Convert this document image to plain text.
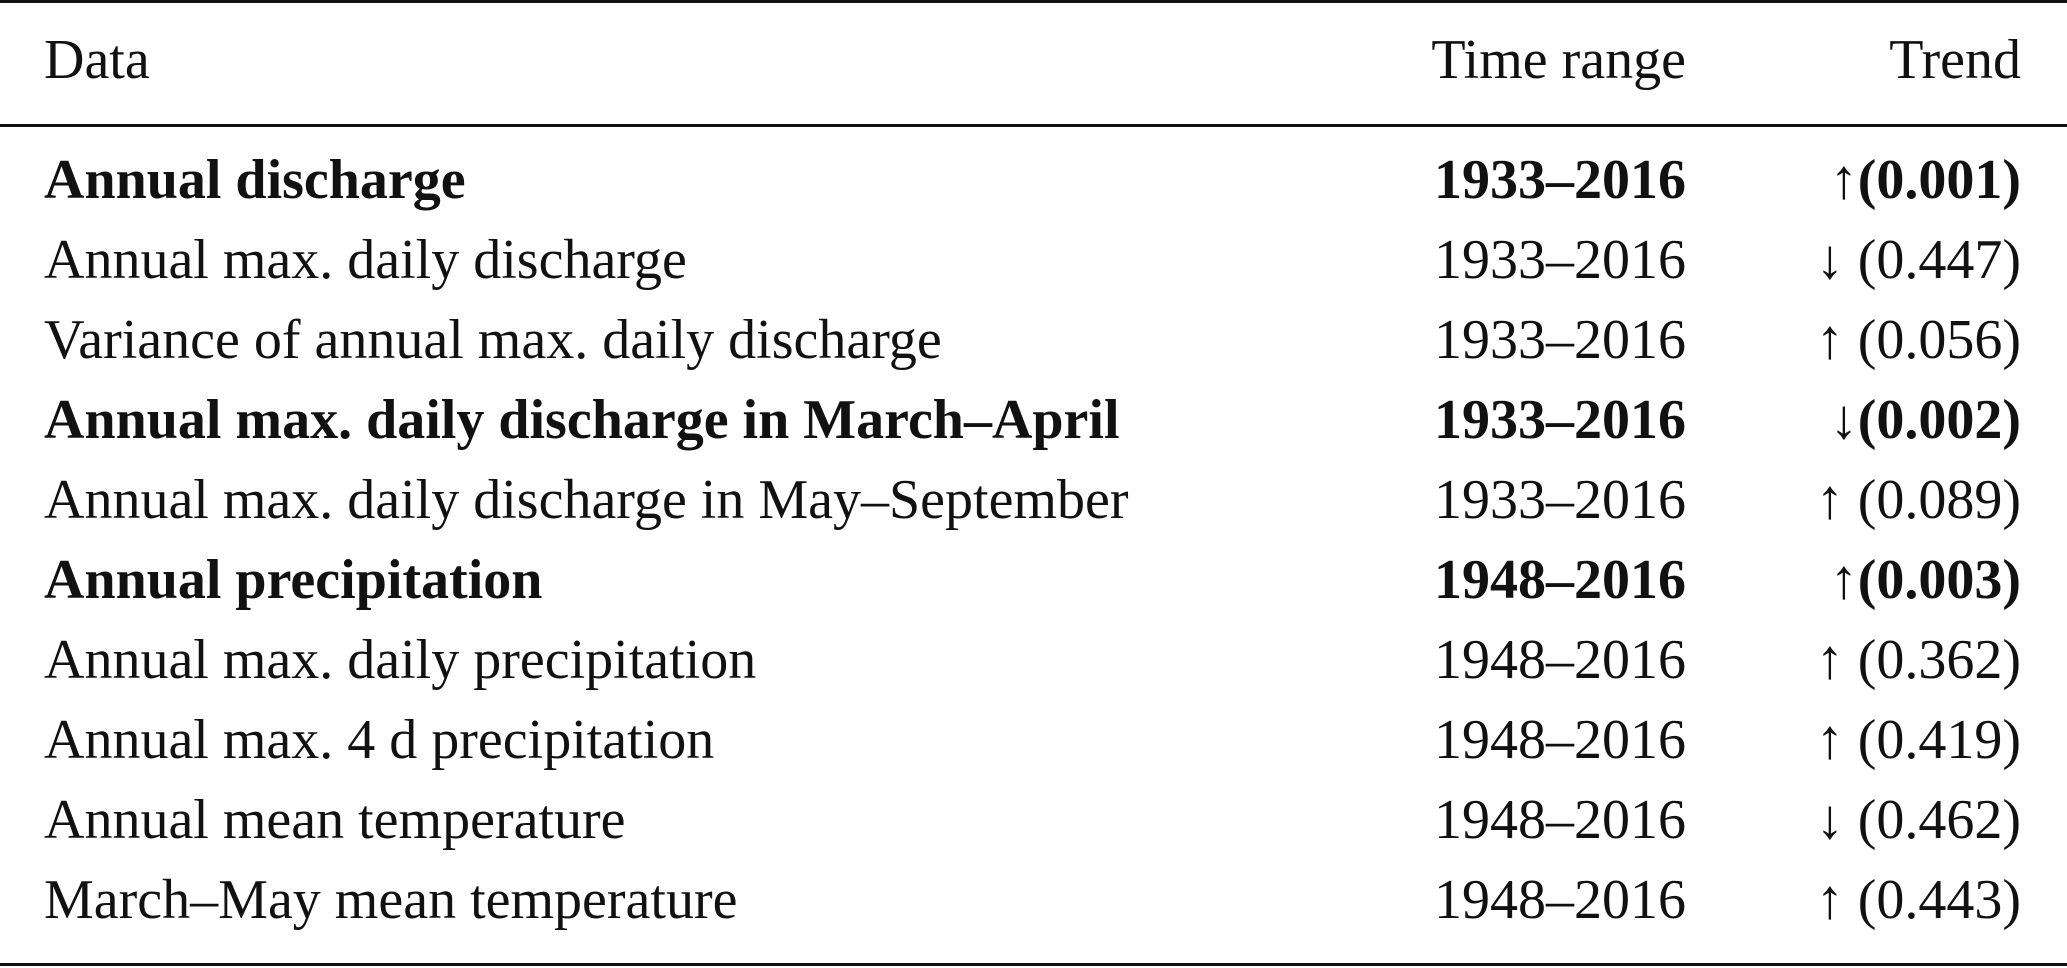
Data	Time range	Trend
Annual discharge	1933–2016	↑(0.001)
Annual max. daily discharge	1933–2016 ↓ (0.447)
Variance of annual max. daily discharge	1933–2016 ↑ (0.056)
Annual max. daily discharge in March–April	1933–2016	↓(0.002)
Annual max. daily discharge in May–September	1933–2016 ↑ (0.089)
Annual precipitation	1948–2016	↑(0.003)
Annual max. daily precipitation	1948–2016 ↑ (0.362)
Annual max. 4 d precipitation	1948–2016 ↑ (0.419)
Annual mean temperature	1948–2016 ↓ (0.462)
March–May mean temperature	1948–2016 ↑ (0.443)
